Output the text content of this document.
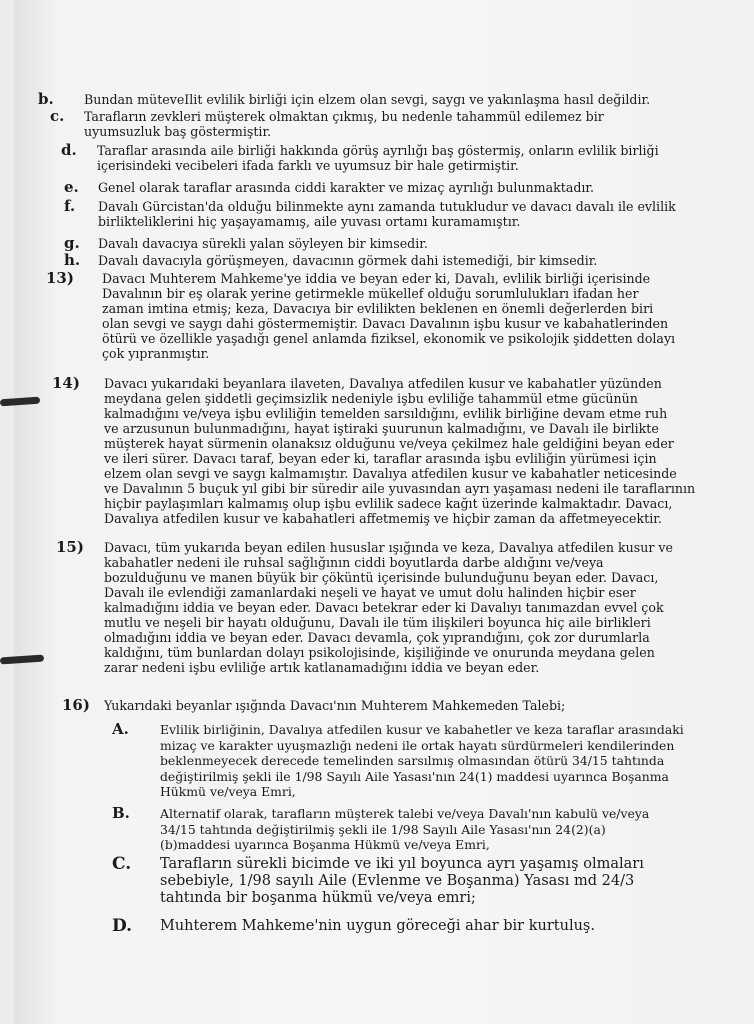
b. Bundan müteveIlit evlilik birliği için elzem olan sevgi, saygı ve yakınlaşma hasıl değildir.
c. Tarafların zevkleri müşterek olmaktan çıkmış, bu nedenle tahammül edilemez bir
uyumsuzluk baş göstermiştir.
d. Taraflar arasında aile birliği hakkında görüş ayrılığı baş göstermiş, onların evlilik birliği
içerisindeki vecibeleri ifada farklı ve uyumsuz bir hale getirmiştir.
e. Genel olarak taraflar arasında ciddi karakter ve mizaç ayrılığı bulunmaktadır.
f. Davalı Gürcistan'da olduğu bilinmekte aynı zamanda tutukludur ve davacı davalı ile evlilik
birlikteliklerini hiç yaşayamamış, aile yuvası ortamı kuramamıştır.
g. Davalı davacıya sürekli yalan söyleyen bir kimsedir.
h. Davalı davacıyla görüşmeyen, davacının görmek dahi istemediği, bir kimsedir.
13) Davacı Muhterem Mahkeme'ye iddia ve beyan eder ki, Davalı, evlilik birliği içerisinde
Davalının bir eş olarak yerine getirmekle mükellef olduğu sorumlulukları ifadan her
zaman imtina etmiş; keza, Davacıya bir evlilikten beklenen en önemli değerlerden biri
olan sevgi ve saygı dahi göstermemiştir. Davacı Davalının işbu kusur ve kabahatlerinden
ötürü ve özellikle yaşadığı genel anlamda fiziksel, ekonomik ve psikolojik şiddetten dolayı
çok yıpranmıştır.
14) Davacı yukarıdaki beyanlara ilaveten, Davalıya atfedilen kusur ve kabahatler yüzünden
meydana gelen şiddetli geçimsizlik nedeniyle işbu evliliğe tahammül etme gücünün
kalmadığını ve/veya işbu evliliğin temelden sarsıldığını, evlilik birliğine devam etme ruh
ve arzusunun bulunmadığını, hayat iştiraki şuurunun kalmadığını, ve Davalı ile birlikte
müşterek hayat sürmenin olanaksız olduğunu ve/veya çekilmez hale geldiğini beyan eder
ve ileri sürer. Davacı taraf, beyan eder ki, taraflar arasında işbu evliliğin yürümesi için
elzem olan sevgi ve saygı kalmamıştır. Davalıya atfedilen kusur ve kabahatler neticesinde
ve Davalının 5 buçuk yıl gibi bir süredir aile yuvasından ayrı yaşaması nedeni ile taraflarının
hiçbir paylaşımları kalmamış olup işbu evlilik sadece kağıt üzerinde kalmaktadır. Davacı,
Davalıya atfedilen kusur ve kabahatleri affetmemiş ve hiçbir zaman da affetmeyecektir.
15) Davacı, tüm yukarıda beyan edilen hususlar ışığında ve keza, Davalıya atfedilen kusur ve
kabahatler nedeni ile ruhsal sağlığının ciddi boyutlarda darbe aldığını ve/veya
bozulduğunu ve manen büyük bir çöküntü içerisinde bulunduğunu beyan eder. Davacı,
Davalı ile evlendiği zamanlardaki neşeli ve hayat ve umut dolu halinden hiçbir eser
kalmadığını iddia ve beyan eder. Davacı betekrar eder ki Davalıyı tanımazdan evvel çok
mutlu ve neşeli bir hayatı olduğunu, Davalı ile tüm ilişkileri boyunca hiç aile birlikleri
olmadığını iddia ve beyan eder. Davacı devamla, çok yıprandığını, çok zor durumlarla
kaldığını, tüm bunlardan dolayı psikolojisinde, kişiliğinde ve onurunda meydana gelen
zarar nedeni işbu evliliğe artık katlanamadığını iddia ve beyan eder.
16) Yukarıdaki beyanlar ışığında Davacı'nın Muhterem Mahkemeden Talebi;
A.	Evlilik birliğinin, Davalıya atfedilen kusur ve kabahetler ve keza taraflar arasındaki
mizaç ve karakter uyuşmazlığı nedeni ile ortak hayatı sürdürmeleri kendilerinden
beklenmeyecek derecede temelinden sarsılmış olmasından ötürü 34/15 tahtında
değiştirilmiş şekli ile 1/98 Sayılı Aile Yasası'nın 24(1) maddesi uyarınca Boşanma
Hükmü ve/veya Emri,
B. Alternatif olarak, tarafların müşterek talebi ve/veya Davalı'nın kabulü ve/veya
34/15 tahtında değiştirilmiş şekli ile 1/98 Sayılı Aile Yasası'nın 24(2)(a)
(b)maddesi uyarınca Boşanma Hükmü ve/veya Emri,
C. Tarafların sürekli bicimde ve iki yıl boyunca ayrı yaşamış olmaları
sebebiyle, 1/98 sayılı Aile (Evlenme ve Boşanma) Yasası md 24/3
tahtında bir boşanma hükmü ve/veya emri;
D. Muhterem Mahkeme'nin uygun göreceği ahar bir kurtuluş.
